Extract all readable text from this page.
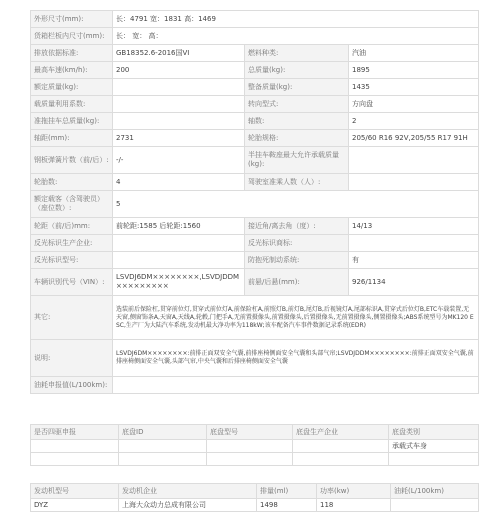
外形尺寸(mm):	长：4791 宽：1831 高：1469		
货箱栏板内尺寸(mm):	长： 宽： 高：		
排放依据标准:	GB18352.6-2016国VI	燃料种类:	汽油
最高车速(km/h):	200	总质量(kg):	1895
额定质量(kg):		整备质量(kg):	1435
载质量利用系数:		转向型式:	方向盘
准拖挂车总质量(kg):		轴数:	2
轴距(mm):	2731	轮胎规格:	205/60 R16 92V,205/55 R17 91H
钢板弹簧片数（前/后）:	-/-	半挂车鞍座最大允许承载质量(kg):	
轮胎数:	4	驾驶室准乘人数（人）:	
额定载客（含驾驶员）（座位数）:	5		
轮距（前/后)mm:	前轮距:1585 后轮距:1560	接近角/离去角（度）:	14/13
反光标识生产企业:		反光标识商标:	
反光标识型号:		防抱死制动系统:	有
车辆识别代号（VIN）:	LSVDJ6DM××××××××,LSVDJDDM×××××××××	前悬/后悬(mm):	926/1134
其它:	选装前后保险杠,贯穿前位灯,贯穿式前位灯A,前保险杠A,前照灯B,前灯B,尾灯B,后视镜灯A,尾部标识A,贯穿式后位灯B,ETC车载装置,无天窗,侧窗饰条A,天窗A,天线A,轮毂,门把手A,无前置摄像头,前置摄像头,后置摄像头,无前置摄像头,侧置摄像头;ABS系统型号为MK120 ESC,生产厂为大陆汽车系统,发动机最大净功率为118kW;该车配备汽车事件数据记录系统(EDR)		
说明:	LSVDJ6DM××××××××:前排正面双安全气囊,前排座椅侧面安全气囊和头部气帘;LSVDJDDM××××××××:前排正面双安全气囊,前排座椅侧面安全气囊,头部气帘,中央气囊和后排座椅侧面安全气囊		
油耗申报值(L/100km):			
是否四驱申报	底盘ID	底盘型号	底盘生产企业	底盘类别
				承载式车身

发动机型号	发动机企业	排量(ml)	功率(kw)	油耗(L/100km)
DYZ	上海大众动力总成有限公司	1498	118	
